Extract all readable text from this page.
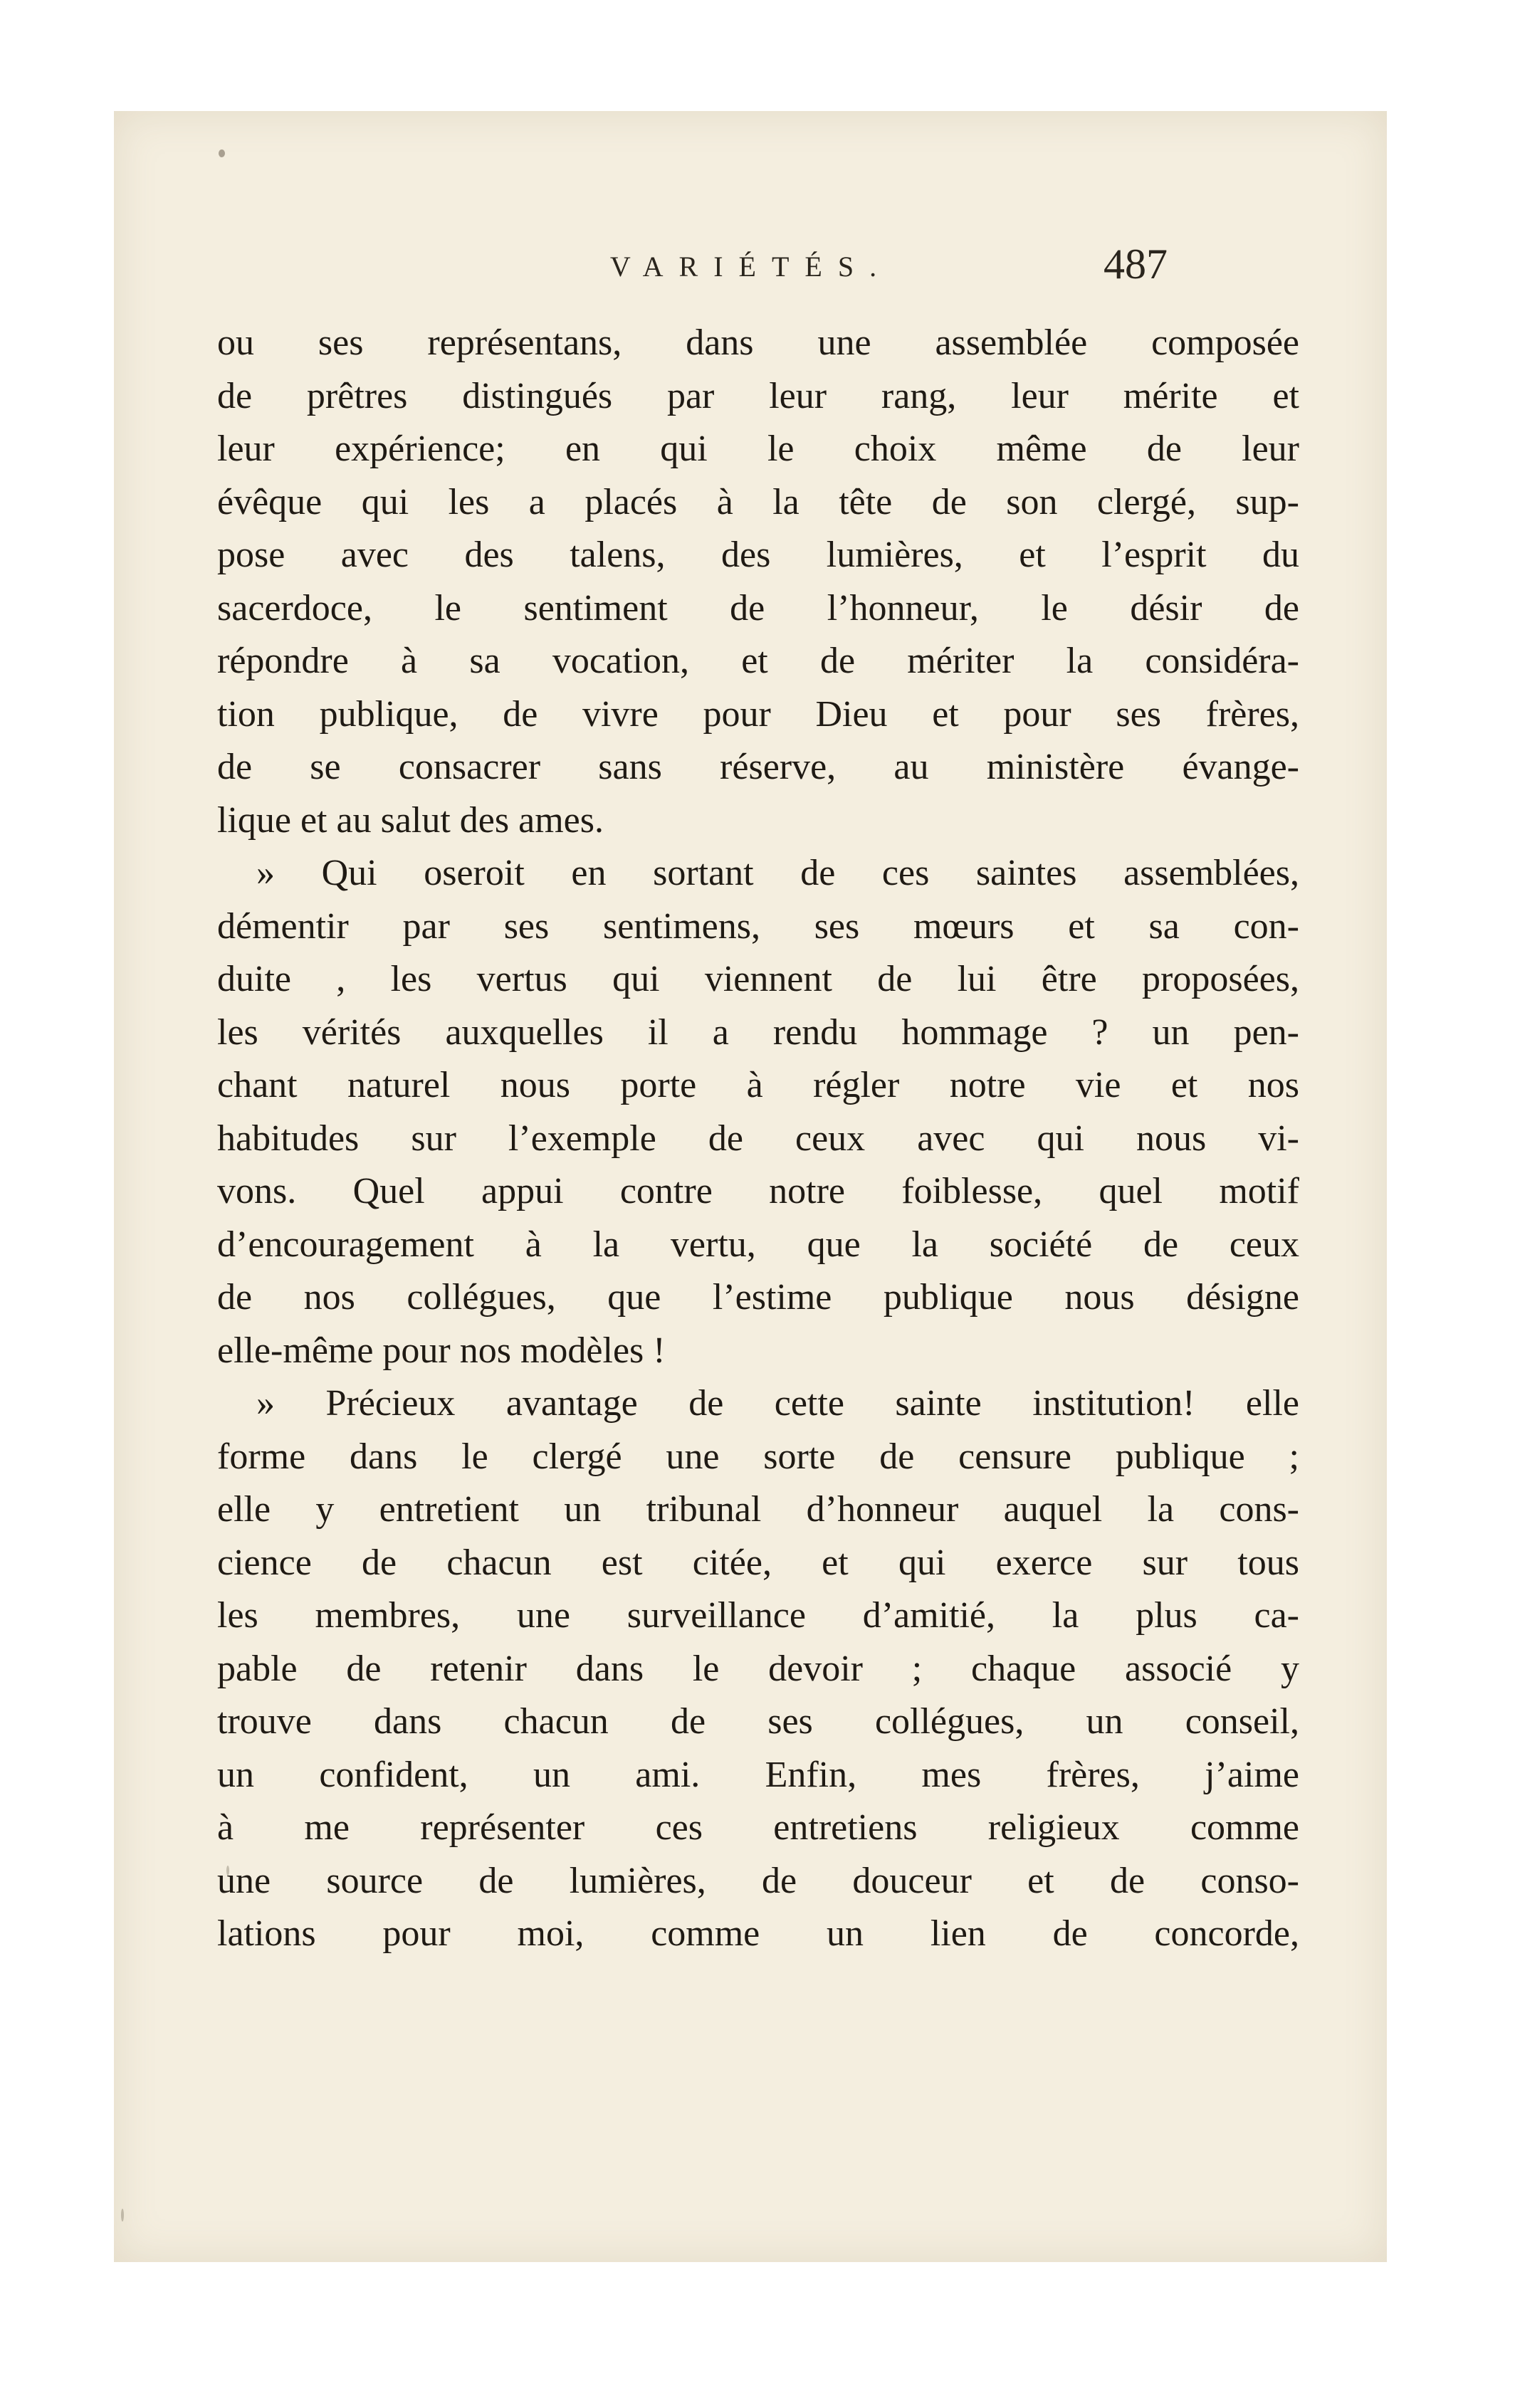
VARIÉTÉS.	487
ou ses représentans, dans une assemblée composée
de prêtres distingués par leur rang, leur mérite et
leur expérience; en qui le choix même de leur
évêque qui les a placés à la tête de son clergé, sup-
pose avec des talens, des lumières, et l’esprit du
sacerdoce, le sentiment de l’honneur, le désir de
répondre à sa vocation, et de mériter la considéra-
tion publique, de vivre pour Dieu et pour ses frères,
de se consacrer sans réserve, au ministère évange-
lique et au salut des ames.
» Qui oseroit en sortant de ces saintes assemblées,
démentir par ses sentimens, ses mœurs et sa con-
duite , les vertus qui viennent de lui être proposées,
les vérités auxquelles il a rendu hommage ? un pen-
chant naturel nous porte à régler notre vie et nos
habitudes sur l’exemple de ceux avec qui nous vi-
vons. Quel appui contre notre foiblesse, quel motif
d’encouragement à la vertu, que la société de ceux
de nos collégues, que l’estime publique nous désigne
elle-même pour nos modèles !
» Précieux avantage de cette sainte institution! elle
forme dans le clergé une sorte de censure publique ;
elle y entretient un tribunal d’honneur auquel la cons-
cience de chacun est citée, et qui exerce sur tous
les membres, une surveillance d’amitié, la plus ca-
pable de retenir dans le devoir ; chaque associé y
trouve dans chacun de ses collégues, un conseil,
un confident, un ami. Enfin, mes frères, j’aime
à me représenter ces entretiens religieux comme
une source de lumières, de douceur et de conso-
lations pour moi, comme un lien de concorde,
